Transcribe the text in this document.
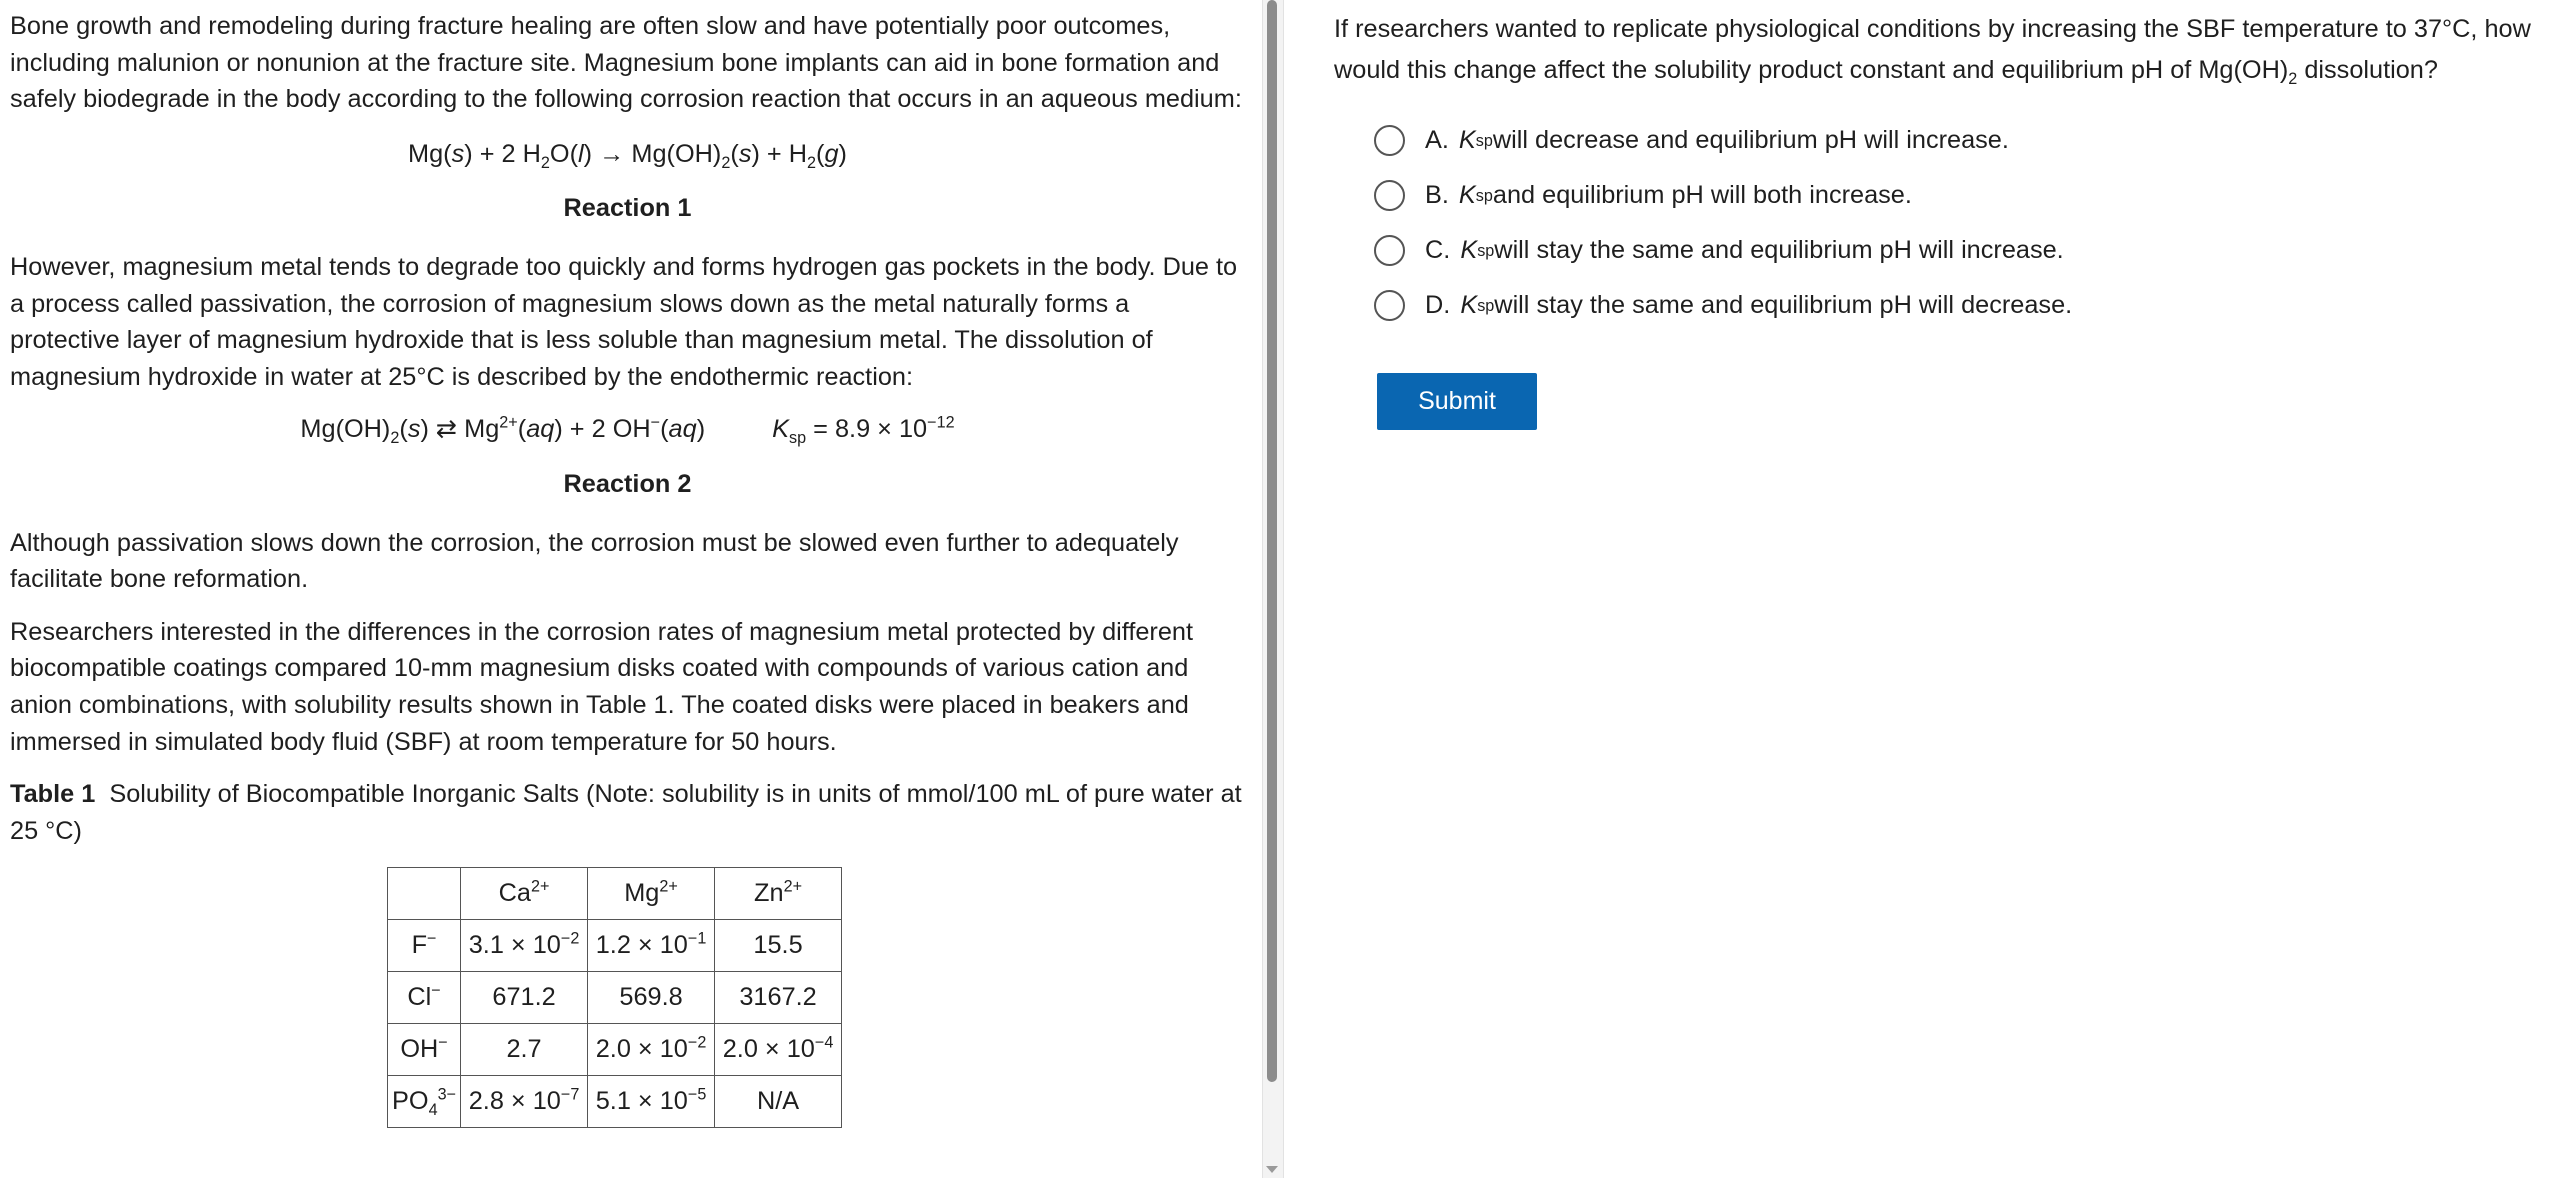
Bone growth and remodeling during fracture healing are often slow and have potentially poor outcomes, including malunion or nonunion at the fracture site. Magnesium bone implants can aid in bone formation and safely biodegrade in the body according to the following corrosion reaction that occurs in an aqueous medium:

Mg(s) + 2 $H_2O(l) \to Mg(OH)_2(s) + H_2(g)$
Reaction 1

However, magnesium metal tends to degrade too quickly and forms hydrogen gas pockets in the body. Due to a process called passivation, the corrosion of magnesium slows down as the metal naturally forms a protective layer of magnesium hydroxide that is less soluble than magnesium metal. The dissolution of magnesium hydroxide in water at 25°C is described by the endothermic reaction:

$Mg(OH)_2(s)$ ⇄ $Mg^{2+}(aq) + 2$ OH−(aq)	$K_{sp} = 8.9 \times 10^{-12}$
Reaction 2

Although passivation slows down the corrosion, the corrosion must be slowed even further to adequately facilitate bone reformation.

Researchers interested in the differences in the corrosion rates of magnesium metal protected by different biocompatible coatings compared 10-mm magnesium disks coated with compounds of various cation and anion combinations, with solubility results shown in Table 1. The coated disks were placed in beakers and immersed in simulated body fluid (SBF) at room temperature for 50 hours.

Table 1 Solubility of Biocompatible Inorganic Salts (Note: solubility is in units of mmol/100 mL of pure water at 25 °C)
	$Ca^{2+}$	$Mg^{2+}$	$Zn^{2+}$
F−	$3.1 \times 10^{-2}$	$1.2 \times 10^{-1}$	15.5
Cl−	671.2	569.8	3167.2
OH−	2.7	$2.0 \times 10^{-2}$	$2.0 \times 10^{-4}$
$PO_4^{3-}$	$2.8 \times 10^{-7}$	$5.1 \times 10^{-5}$	N/A
If researchers wanted to replicate physiological conditions by increasing the SBF temperature to 37°C, how would this change affect the solubility product constant and equilibrium pH of $Mg(OH)_2$ dissolution?
A. K sp will decrease and equilibrium pH will increase.
B. K sp and equilibrium pH will both increase.
C. K sp will stay the same and equilibrium pH will increase.
D. K sp will stay the same and equilibrium pH will decrease.
Submit
